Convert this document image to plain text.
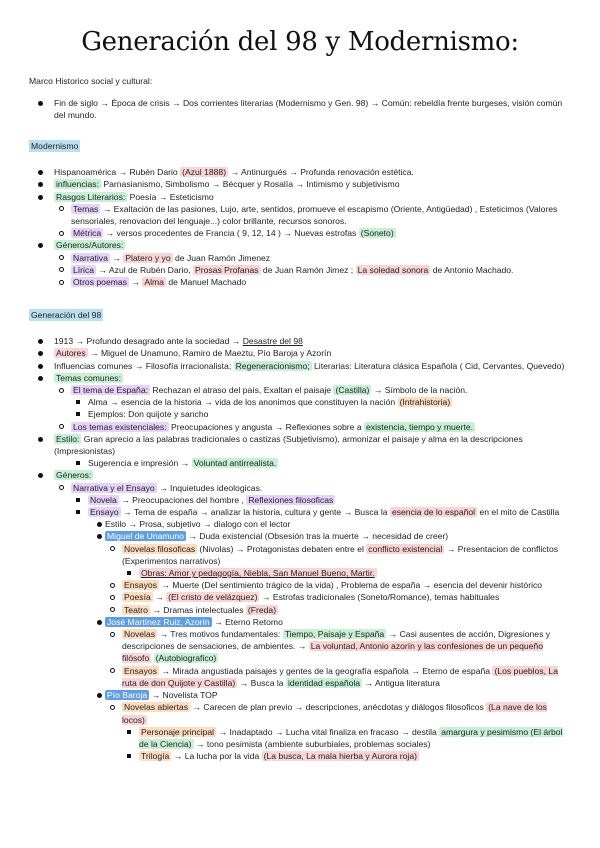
Generación del 98 y Modernismo:

Marco Historico social y cultural:

Fin de siglo → Época de crisis → Dos corrientes literarias (Modernismo y Gen. 98) → Común: rebeldía frente burgeses, visión común del mundo.

Modernismo

Hispanoamérica → Rubén Dario (Azul 1888) → Antinurgués → Profunda renovación estética.
influencias: Parnasianismo, Simbolismo → Bécquer y Rosalía → Intimismo y subjetivismo
Rasgos Literarios: Poesía → Esteticismo
Temas → Exaltación de las pasiones, Lujo, arte, sentidos, promueve el escapismo (Oriente, Antigüedad) , Esteticimos (Valores sensoriales, renovacion del lenguaje...) color brillante, recursos sonoros.
Métrica → versos procedentes de Francia ( 9, 12, 14 ) → Nuevas estrofas (Soneto)
Géneros/Autores:
Narrativa → Platero y yo de Juan Ramón Jimenez
Lírica → Azul de Rubén Dario, Prosas Profanas de Juan Ramón Jimez ; La soledad sonora de Antonio Machado.
Otros poemas → Alma de Manuel Machado

Generación del 98

1913 → Profundo desagrado ante la sociedad → Desastre del 98
Autores → Miguel de Unamuno, Ramiro de Maeztu, Pío Baroja y Azorín
Influencias comunes → Filosofía irracionalista; Regeneracionismo; Literarias: Literatura clásica Española ( Cid, Cervantes, Quevedo)
Temas comunes:
El tema de España: Rechazan el atraso del país, Exaltan el paisaje (Castilla) → Símbolo de la nación.
Alma → esencia de la historia → vida de los anonimos que constituyen la nación (Intrahistoria)
Ejemplos: Don quijote y sancho
Los temas existenciales: Preocupaciones y angusta → Reflexiones sobre a existencia, tiempo y muerte.
Estilo: Gran aprecio a las palabras tradicionales o castizas (Subjetivismo), armonizar el paisaje y alma en la descripciones (Impresionistas)
Sugerencia e impresión → Voluntad antirrealista.
Géneros:
Narrativa y el Ensayo → Inquietudes ideologicas.
Novela → Preocupaciones del hombre , Reflexiones filosoficas
Ensayo → Tema de españa → analizar la historia, cultura y gente → Busca la esencia de lo español en el mito de Castilla
Estilo → Prosa, subjetivo → dialogo con el lector
Miguel de Unamuno → Duda existencial (Obsesión tras la muerte → necesidad de creer)
Novelas filosoficas (Nivolas) → Protagonistas debaten entre el conflicto existencial → Presentacion de conflictos (Experimentos narrativos)
Obras: Amor y pedagogía, Niebla, San Manuel Bueno, Martir.
Ensayos → Muerte (Del sentimiento trágico de la vida) , Problema de españa → esencia del devenir histórico
Poesía → (El cristo de velázquez) → Estrofas tradicionales (Soneto/Romance), temas habituales
Teatro → Dramas intelectuales (Freda)
José Martínez Ruiz, Azorín → Eterno Retomo
Novelas → Tres motivos fundamentales: Tiempo, Paisaje y España → Casi ausentes de acción, Digresiones y descripciones de sensaciones, de ambientes. → La voluntad, Antonio azorín y las confesiones de un pequeño filósofo (Autobiografico)
Ensayos → Mirada angustiada paisajes y gentes de la geografía española → Eterno de españa (Los pueblos, La ruta de don Quijote y Castilla) → Busca la identidad española → Antigua literatura
Pío Baroja → Novelista TOP
Novelas abiertas → Carecen de plan previo → descripciones, anécdotas y diálogos filosoficos (La nave de los locos)
Personaje principal → Inadaptado → Lucha vital finaliza en fracaso → destila amargura y pesimismo (El árbol de la Ciencia) → tono pesimista (ambiente suburbiales, problemas sociales)
Trilogía → La lucha por la vida (La busca, La mala hierba y Aurora roja)
